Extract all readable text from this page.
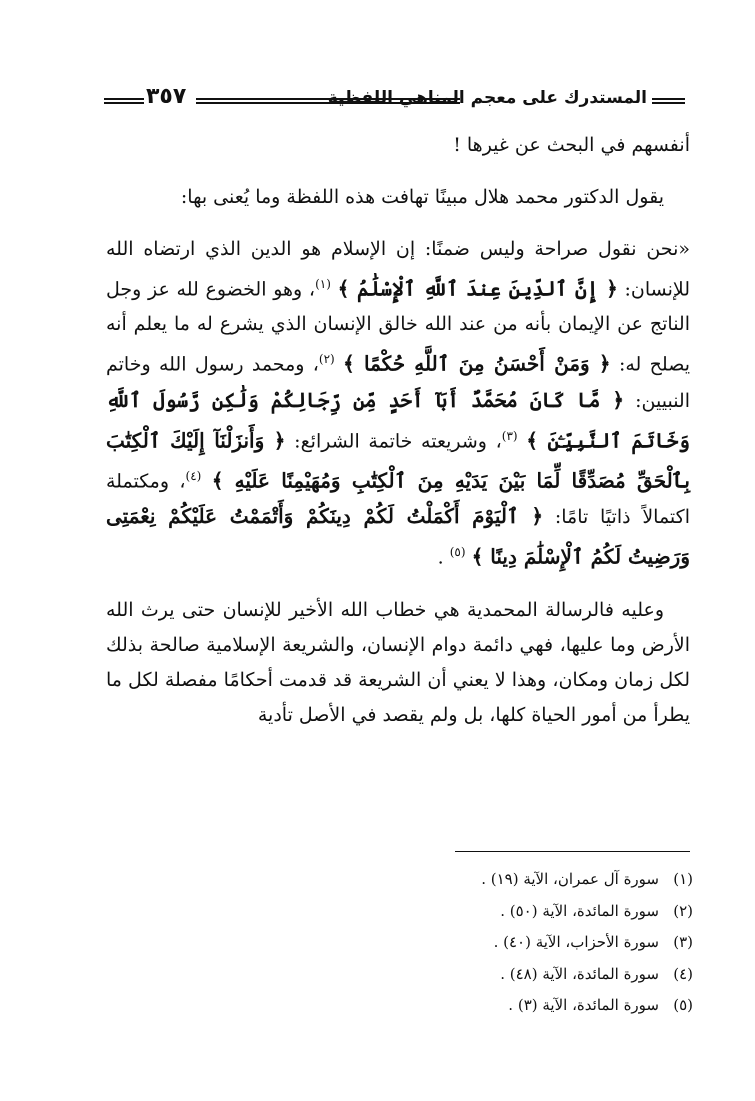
المستدرك على معجم المناهي اللفظية
٣٥٧

أنفسهم في البحث عن غيرها !

يقول الدكتور محمد هلال مبينًا تهافت هذه اللفظة وما يُعنى بها:

«نحن نقول صراحة وليس ضمنًا: إن الإسلام هو الدين الذي ارتضاه الله للإنسان: ﴿ إِنَّ ٱلدِّينَ عِندَ ٱللَّهِ ٱلْإِسْلَٰمُ ﴾ $^{(١)}$، وهو الخضوع لله عز وجل الناتج عن الإيمان بأنه من عند الله خالق الإنسان الذي يشرع له ما يعلم أنه يصلح له: ﴿ وَمَنْ أَحْسَنُ مِنَ ٱللَّهِ حُكْمًا ﴾ $^{(٢)}$، ومحمد رسول الله وخاتم النبيين: ﴿ مَّا كَانَ مُحَمَّدٌ أَبَآ أَحَدٍ مِّن رِّجَالِكُمْ وَلَٰكِن رَّسُولَ ٱللَّهِ وَخَاتَمَ ٱلنَّبِيِّـۧنَ ﴾ $^{(٣)}$، وشريعته خاتمة الشرائع: ﴿ وَأَنزَلْنَآ إِلَيْكَ ٱلْكِتَٰبَ بِٱلْحَقِّ مُصَدِّقًا لِّمَا بَيْنَ يَدَيْهِ مِنَ ٱلْكِتَٰبِ وَمُهَيْمِنًا عَلَيْهِ ﴾ $^{(٤)}$، ومكتملة اكتمالاً ذاتيًا تامًا: ﴿ ٱلْيَوْمَ أَكْمَلْتُ لَكُمْ دِينَكُمْ وَأَتْمَمْتُ عَلَيْكُمْ نِعْمَتِى وَرَضِيتُ لَكُمُ ٱلْإِسْلَٰمَ دِينًا ﴾ $^{(٥)}$ .

وعليه فالرسالة المحمدية هي خطاب الله الأخير للإنسان حتى يرث الله الأرض وما عليها، فهي دائمة دوام الإنسان، والشريعة الإسلامية صالحة بذلك لكل زمان ومكان، وهذا لا يعني أن الشريعة قد قدمت أحكامًا مفصلة لكل ما يطرأ من أمور الحياة كلها، بل ولم يقصد في الأصل تأدية

(١)سورة آل عمران، الآية (١٩) .
(٢)سورة المائدة، الآية (٥٠) .
(٣)سورة الأحزاب، الآية (٤٠) .
(٤)سورة المائدة، الآية (٤٨) .
(٥)سورة المائدة، الآية (٣) .
